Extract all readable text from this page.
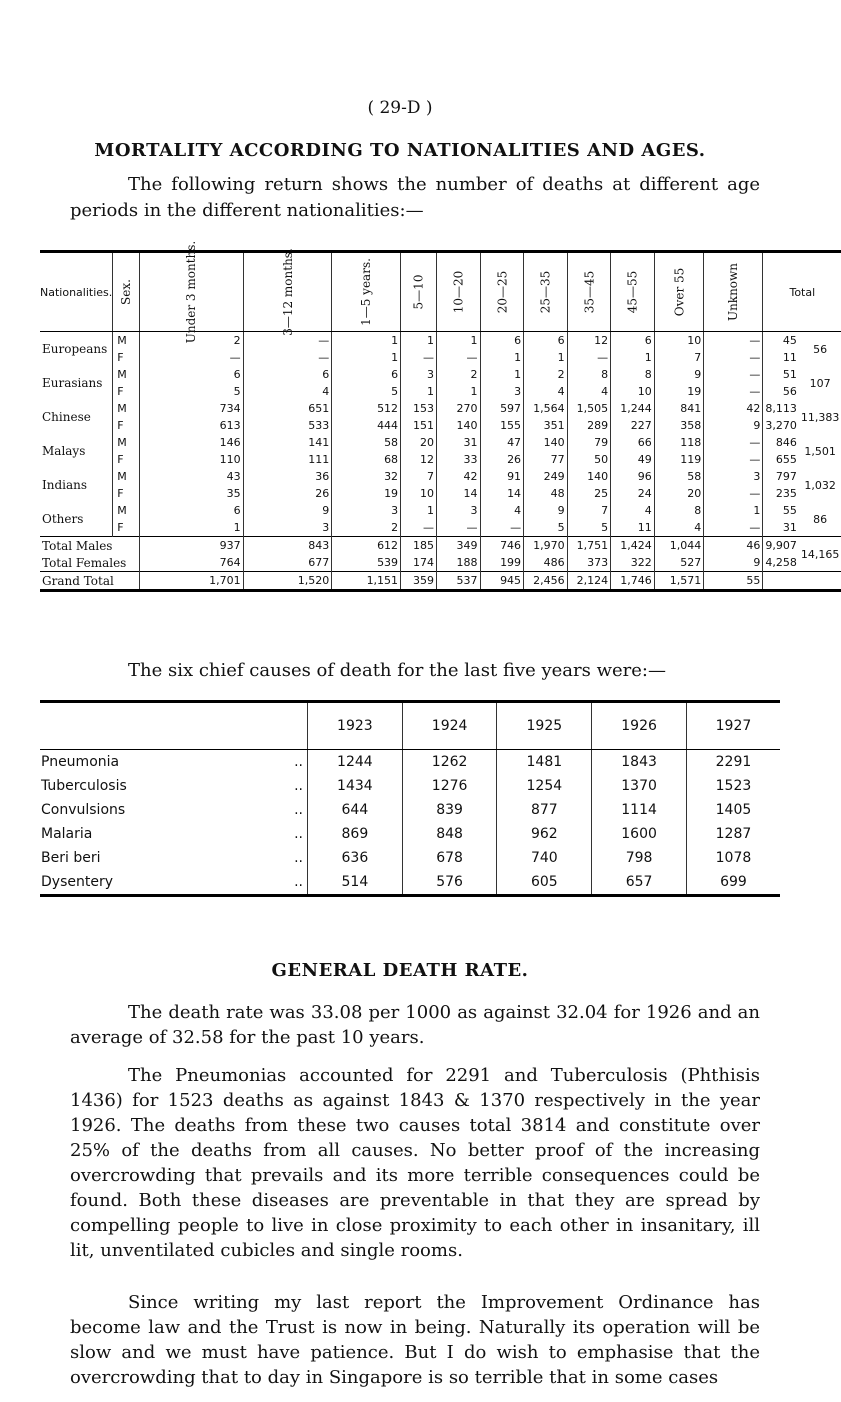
( 29-D )
MORTALITY ACCORDING TO NATIONALITIES AND AGES.
The following return shows the number of deaths at different age periods in the different nationalities:—
Nationalities.	Sex.	Under 3 months.	3—12 months.	1—5 years.	5—10	10—20	20—25	25—35	35—45	45—55	Over 55	Unknown	Total	
Europeans	M	2	—	1	1	1	6	6	12	6	10	—	45	56
	F	—	—	1	—	—	1	1	—	1	7	—	11	
Eurasians	M	6	6	6	3	2	1	2	8	8	9	—	51	107
	F	5	4	5	1	1	3	4	4	10	19	—	56	
Chinese	M	734	651	512	153	270	597	1,564	1,505	1,244	841	42	8,113	11,383
	F	613	533	444	151	140	155	351	289	227	358	9	3,270	
Malays	M	146	141	58	20	31	47	140	79	66	118	—	846	1,501
	F	110	111	68	12	33	26	77	50	49	119	—	655	
Indians	M	43	36	32	7	42	91	249	140	96	58	3	797	1,032
	F	35	26	19	10	14	14	48	25	24	20	—	235	
Others	M	6	9	3	1	3	4	9	7	4	8	1	55	86
	F	1	3	2	—	—	—	5	5	11	4	—	31	
Total Males		937	843	612	185	349	746	1,970	1,751	1,424	1,044	46	9,907	14,165
Total Females		764	677	539	174	188	199	486	373	322	527	9	4,258	
Grand Total		1,701	1,520	1,151	359	537	945	2,456	2,124	1,746	1,571	55		
The six chief causes of death for the last five years were:—
		1923	1924	1925	1926	1927
Pneumonia	..	1244	1262	1481	1843	2291
Tuberculosis	..	1434	1276	1254	1370	1523
Convulsions	..	644	839	877	1114	1405
Malaria	..	869	848	962	1600	1287
Beri beri	..	636	678	740	798	1078
Dysentery	..	514	576	605	657	699
GENERAL DEATH RATE.

The death rate was 33.08 per 1000 as against 32.04 for 1926 and an average of 32.58 for the past 10 years.

The Pneumonias accounted for 2291 and Tuberculosis (Phthisis 1436) for 1523 deaths as against 1843 & 1370 respectively in the year 1926. The deaths from these two causes total 3814 and constitute over 25% of the deaths from all causes. No better proof of the increasing overcrowding that prevails and its more terrible consequences could be found. Both these diseases are preventable in that they are spread by compelling people to live in close proximity to each other in insanitary, ill lit, unventilated cubicles and single rooms.

Since writing my last report the Improvement Ordinance has become law and the Trust is now in being. Naturally its operation will be slow and we must have patience. But I do wish to emphasise that the overcrowding that to day in Singapore is so terrible that in some cases
